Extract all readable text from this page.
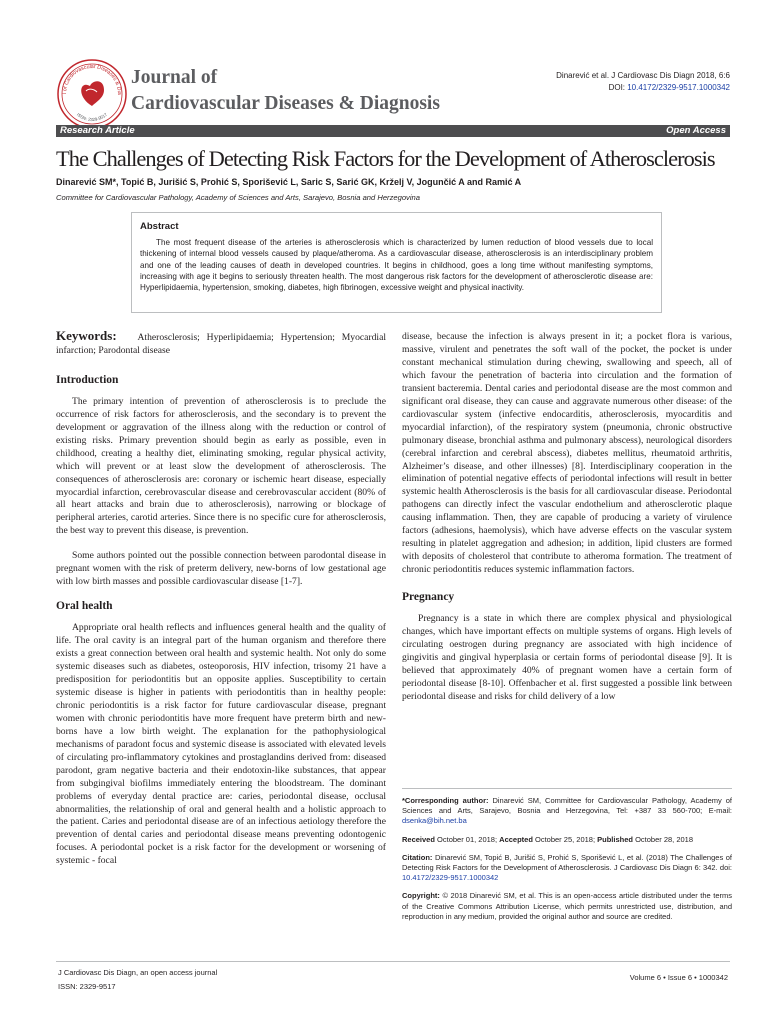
l of Cardiovascular Diseases & Dia
ISSN: 2329-9517
Journal of
Cardiovascular Diseases & Diagnosis
Dinarević et al. J Cardiovasc Dis Diagn 2018, 6:6
DOI: 10.4172/2329-9517.1000342
Research Article	Open Access
The Challenges of Detecting Risk Factors for the Development of Atherosclerosis
Dinarević SM*, Topić B, Jurišić S, Prohić S, Sporišević L, Saric S, Sarić GK, Krželj V, Jogunčić A and Ramić A
Committee for Cardiovascular Pathology, Academy of Sciences and Arts, Sarajevo, Bosnia and Herzegovina
Abstract
The most frequent disease of the arteries is atherosclerosis which is characterized by lumen reduction of blood vessels due to local thickening of internal blood vessels caused by plaque/atheroma. As a cardiovascular disease, atherosclerosis is an interdisciplinary problem and one of the leading causes of death in developed countries. It begins in childhood, goes a long time without manifesting symptoms, increasing with age it begins to seriously threaten health. The most dangerous risk factors for the development of atherosclerotic disease are: Hyperlipidaemia, hypertension, smoking, diabetes, high fibrinogen, excessive weight and physical inactivity.

Keywords: Atherosclerosis; Hyperlipidaemia; Hypertension; Myocardial infarction; Parodontal disease

Introduction

The primary intention of prevention of atherosclerosis is to preclude the occurrence of risk factors for atherosclerosis, and the secondary is to prevent the development or aggravation of the illness along with the reduction or control of existing risks. Primary prevention should begin as early as possible, even in childhood, creating a healthy diet, eliminating smoking, regular physical activity, which will prevent or at least slow the development of atherosclerosis. The consequences of atherosclerosis are: coronary or ischemic heart disease, especially myocardial infarction, cerebrovascular disease and cerebrovascular accident (80% of all heart attacks and brain due to atherosclerosis), narrowing or blockage of peripheral arteries, carotid arteries. Since there is no specific cure for atherosclerosis, the best way to prevent this disease, is prevention.

Some authors pointed out the possible connection between parodontal disease in pregnant women with the risk of preterm delivery, new-borns of low gestational age with low birth masses and possible cardiovascular disease [1-7].

Oral health

Appropriate oral health reflects and influences general health and the quality of life. The oral cavity is an integral part of the human organism and therefore there exists a great connection between oral health and systemic health. Not only do some systemic diseases such as diabetes, osteoporosis, HIV infection, trisomy 21 have a predisposition for periodontitis but an opposite applies. Susceptibility to certain systemic disease is higher in patients with periodontitis than in healthy people: chronic periodontitis is a risk factor for future cardiovascular disease, pregnant women with chronic periodontitis have more frequent have preterm birth and new-borns have a low birth weight. The explanation for the pathophysiological mechanisms of paradont focus and systemic disease is associated with elevated levels of circulating pro-inflammatory cytokines and prostaglandins derived from: diseased parodont, gram negative bacteria and their endotoxin-like substances, that appear from subgingival biofilms immediately entering the bloodstream. The dominant problems of everyday dental practice are: caries, periodontal disease, occlusal abnormalities, the relationship of oral and general health and a holistic approach to the patient. Caries and periodontal disease are of an infectious aetiology therefore the prevention of dental caries and periodontal disease means preventing odontogenic focuses. A periodontal pocket is a risk factor for the development or worsening of systemic - focal

disease, because the infection is always present in it; a pocket flora is various, massive, virulent and penetrates the soft wall of the pocket, the pocket is under constant mechanical stimulation during chewing, swallowing and speech, all of which favour the penetration of bacteria into circulation and the formation of transient bacteremia. Dental caries and periodontal disease are the most common and significant oral disease, they can cause and aggravate numerous other disease: of the cardiovascular system (infective endocarditis, atherosclerosis, myocarditis and myocardial infarction), of the respiratory system (pneumonia, chronic obstructive pulmonary disease, bronchial asthma and pulmonary abscess), neurological disorders (cerebral infarction and cerebral abscess), diabetes mellitus, rheumatoid arthritis, Alzheimer’s disease, and other illnesses) [8]. Interdisciplinary cooperation in the elimination of potential negative effects of periodontal infections will result in better systemic health Atherosclerosis is the basis for all cardiovascular disease. Periodontal pathogens can directly infect the vascular endothelium and atherosclerotic plaque causing inflammation. Then, they are capable of producing a variety of virulence factors (adhesions, haemolysis), which have adverse effects on the vascular system resulting in platelet aggregation and adhesion; in addition, lipid clusters are formed with deposits of cholesterol that contribute to atheroma formation. The treatment of chronic periodontitis reduces systemic inflammation factors.

Pregnancy

Pregnancy is a state in which there are complex physical and physiological changes, which have important effects on multiple systems of organs. High levels of circulating oestrogen during pregnancy are associated with high incidence of gingivitis and gingival hyperplasia or certain forms of periodontal disease [9]. It is believed that approximately 40% of pregnant women have a certain form of periodontal disease [8-10]. Offenbacher et al. first suggested a possible link between periodontal disease and risks for child delivery of a low

*Corresponding author: Dinarević SM, Committee for Cardiovascular Pathology, Academy of Sciences and Arts, Sarajevo, Bosnia and Herzegovina, Tel: +387 33 560-700; E-mail: dsenka@bih.net.ba

Received October 01, 2018; Accepted October 25, 2018; Published October 28, 2018

Citation: Dinarević SM, Topić B, Jurišić S, Prohić S, Sporišević L, et al. (2018) The Challenges of Detecting Risk Factors for the Development of Atherosclerosis. J Cardiovasc Dis Diagn 6: 342. doi: 10.4172/2329-9517.1000342

Copyright: © 2018 Dinarević SM, et al. This is an open-access article distributed under the terms of the Creative Commons Attribution License, which permits unrestricted use, distribution, and reproduction in any medium, provided the original author and source are credited.

J Cardiovasc Dis Diagn, an open access journal
ISSN: 2329-9517
Volume 6 • Issue 6 • 1000342
